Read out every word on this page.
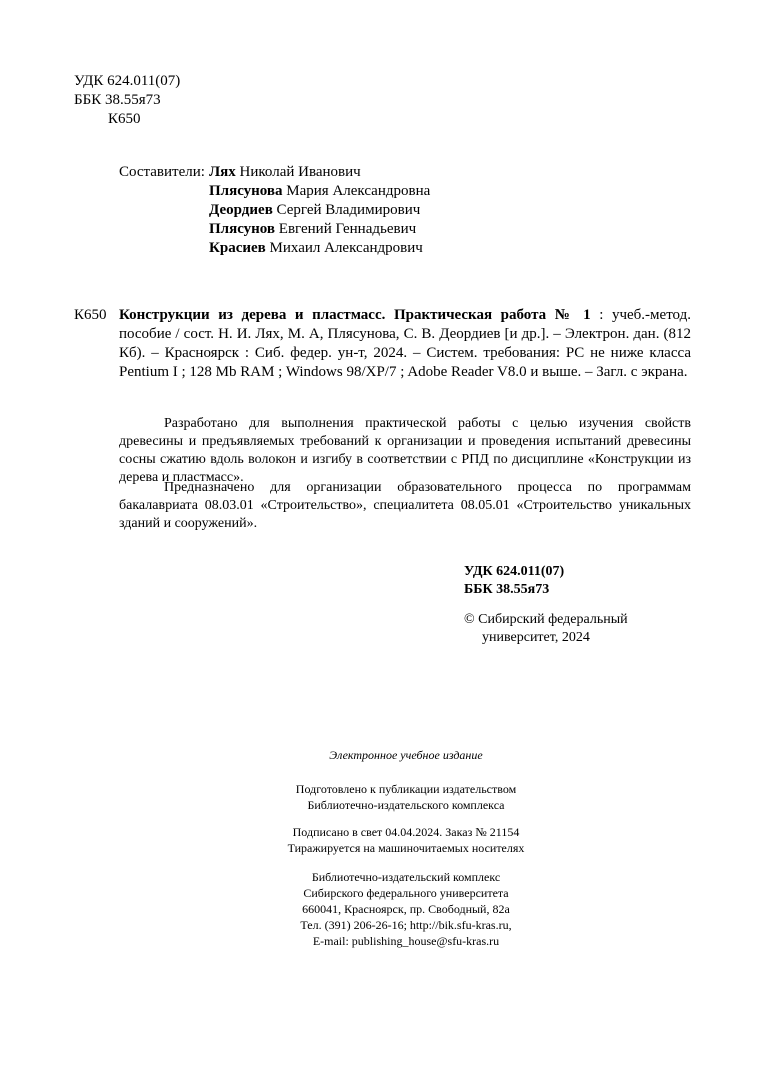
УДК 624.011(07)
ББК 38.55я73
К650
Составители: Лях Николай Иванович
Плясунова Мария Александровна
Деордиев Сергей Владимирович
Плясунов Евгений Геннадьевич
Красиев Михаил Александрович
К650 Конструкции из дерева и пластмасс. Практическая работа № 1 : учеб.-метод. пособие / сост. Н. И. Лях, М. А, Плясунова, С. В. Деордиев [и др.]. – Электрон. дан. (812 Кб). – Красноярск : Сиб. федер. ун-т, 2024. – Систем. требования: PC не ниже класса Pentium I ; 128 Mb RAM ; Windows 98/XP/7 ; Adobe Reader V8.0 и выше. – Загл. с экрана.
Разработано для выполнения практической работы с целью изучения свойств древесины и предъявляемых требований к организации и проведения испытаний древесины сосны сжатию вдоль волокон и изгибу в соответствии с РПД по дисциплине «Конструкции из дерева и пластмасс».
Предназначено для организации образовательного процесса по программам бакалавриата 08.03.01 «Строительство», специалитета 08.05.01 «Строительство уникальных зданий и сооружений».
УДК 624.011(07)
ББК 38.55я73
© Сибирский федеральный
университет, 2024
Электронное учебное издание
Подготовлено к публикации издательством
Библиотечно-издательского комплекса
Подписано в свет 04.04.2024. Заказ № 21154
Тиражируется на машиночитаемых носителях
Библиотечно-издательский комплекс
Сибирского федерального университета
660041, Красноярск, пр. Свободный, 82а
Тел. (391) 206-26-16; http://bik.sfu-kras.ru,
E-mail: publishing_house@sfu-kras.ru
